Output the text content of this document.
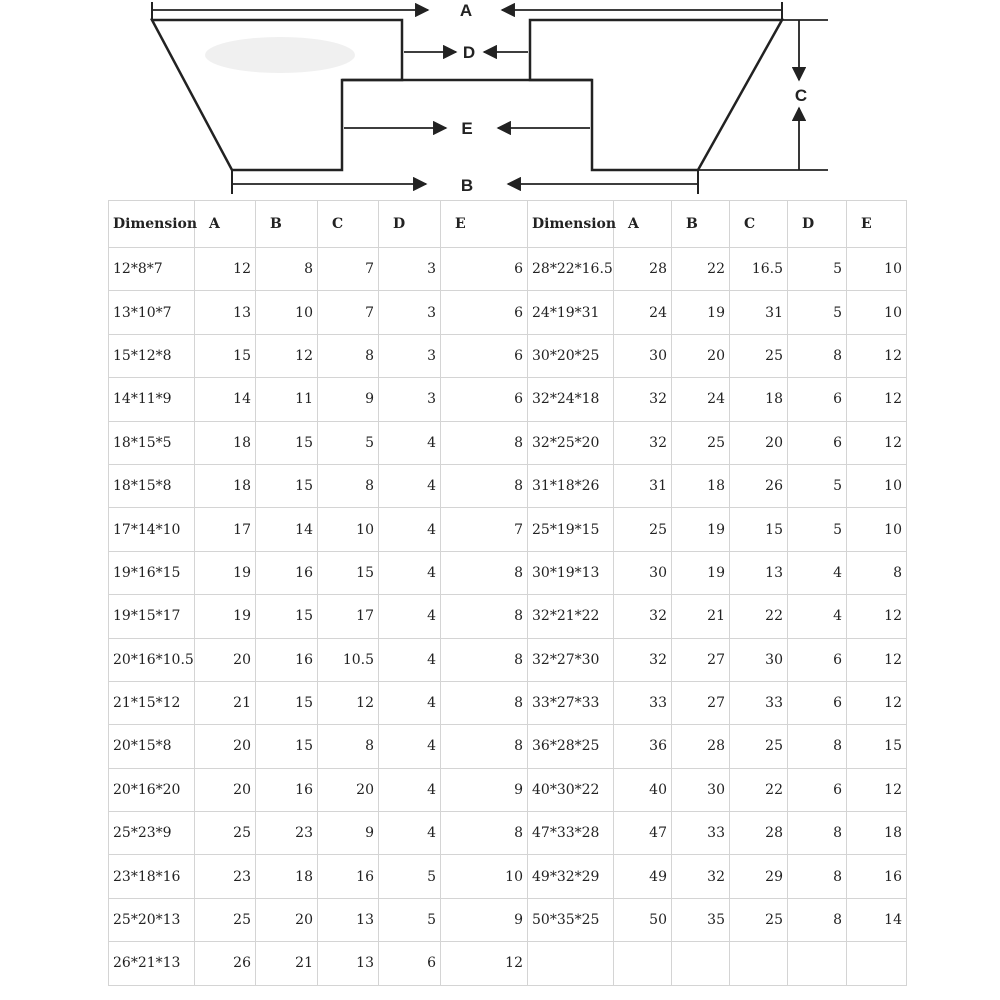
A
D
E
B
C
Dimension	A	B	C	D	E	Dimension	A	B	C	D	E
12*8*7	12	8	7	3	6	28*22*16.5	28	22	16.5	5	10
13*10*7	13	10	7	3	6	24*19*31	24	19	31	5	10
15*12*8	15	12	8	3	6	30*20*25	30	20	25	8	12
14*11*9	14	11	9	3	6	32*24*18	32	24	18	6	12
18*15*5	18	15	5	4	8	32*25*20	32	25	20	6	12
18*15*8	18	15	8	4	8	31*18*26	31	18	26	5	10
17*14*10	17	14	10	4	7	25*19*15	25	19	15	5	10
19*16*15	19	16	15	4	8	30*19*13	30	19	13	4	8
19*15*17	19	15	17	4	8	32*21*22	32	21	22	4	12
20*16*10.5	20	16	10.5	4	8	32*27*30	32	27	30	6	12
21*15*12	21	15	12	4	8	33*27*33	33	27	33	6	12
20*15*8	20	15	8	4	8	36*28*25	36	28	25	8	15
20*16*20	20	16	20	4	9	40*30*22	40	30	22	6	12
25*23*9	25	23	9	4	8	47*33*28	47	33	28	8	18
23*18*16	23	18	16	5	10	49*32*29	49	32	29	8	16
25*20*13	25	20	13	5	9	50*35*25	50	35	25	8	14
26*21*13	26	21	13	6	12						
